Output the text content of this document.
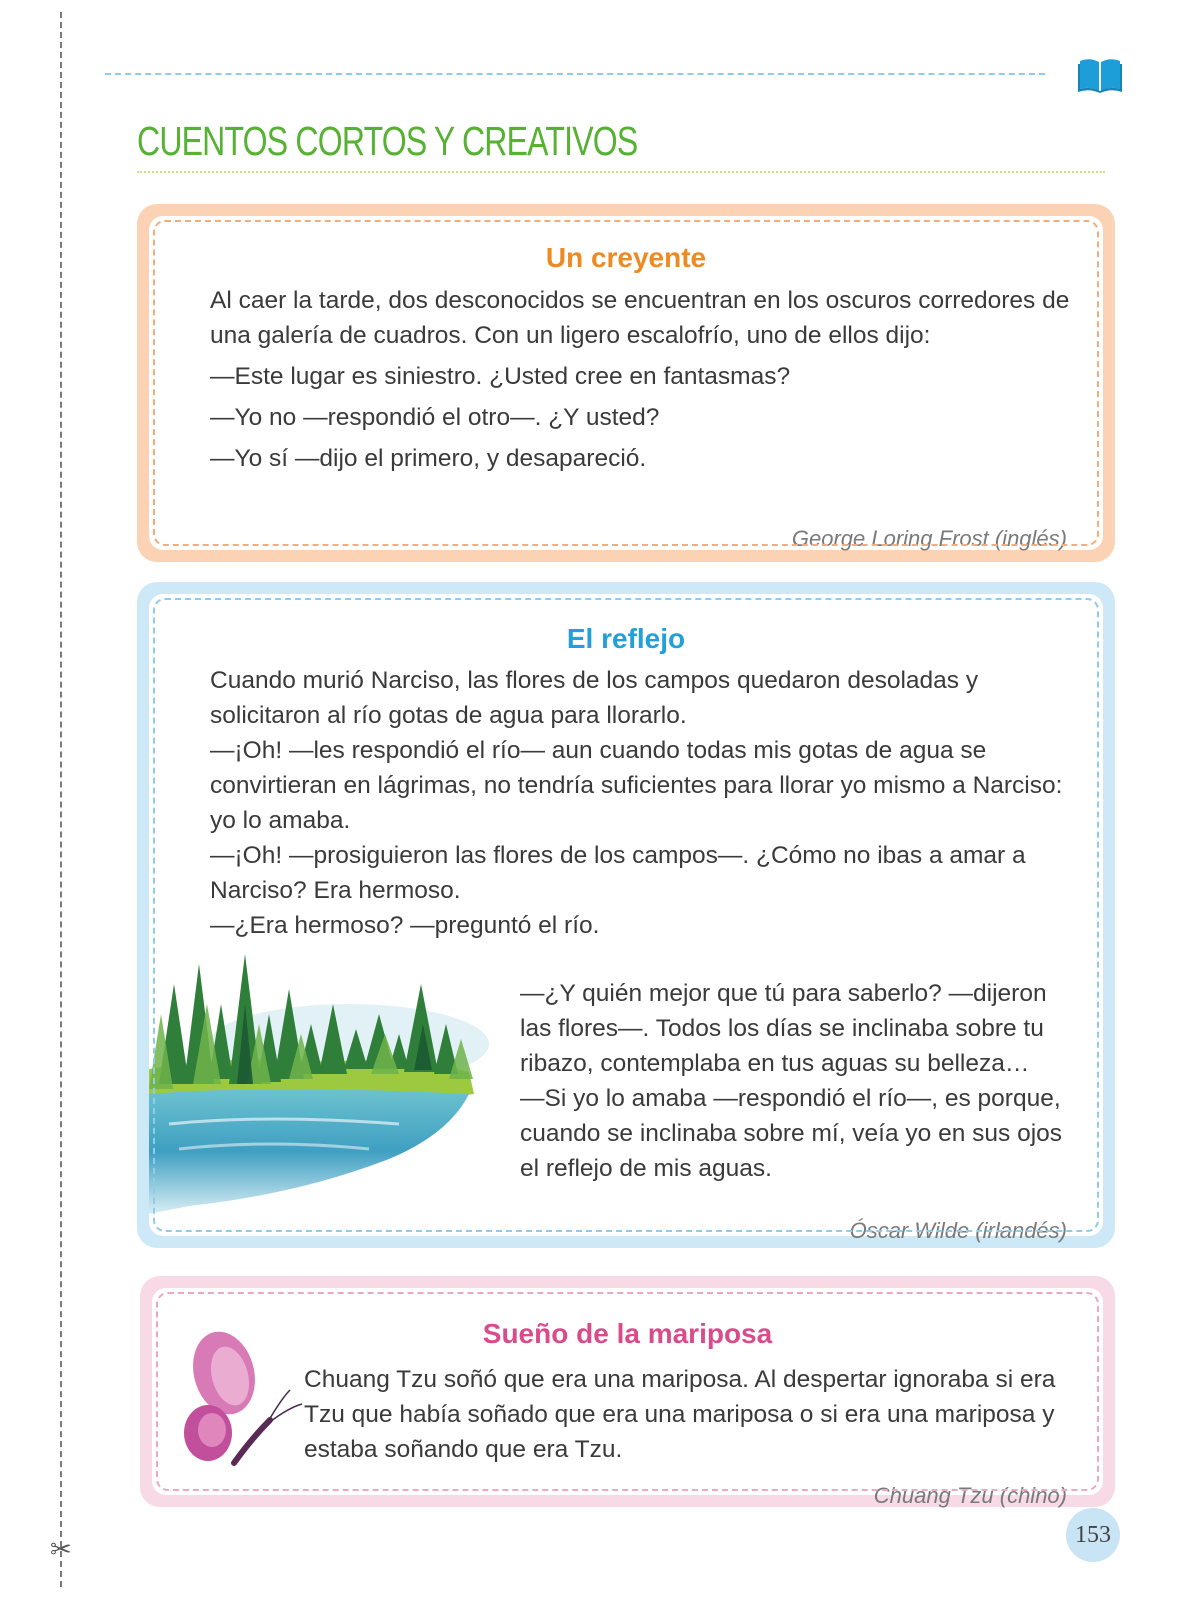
✂
CUENTOS CORTOS Y CREATIVOS
Un creyente

Al caer la tarde, dos desconocidos se encuentran en los oscuros corredores de una galería de cuadros. Con un ligero escalofrío, uno de ellos dijo:

—Este lugar es siniestro. ¿Usted cree en fantasmas?

—Yo no —respondió el otro—. ¿Y usted?

—Yo sí —dijo el primero, y desapareció.

George Loring Frost (inglés)

El reflejo

Cuando murió Narciso, las flores de los campos quedaron desoladas y solicitaron al río gotas de agua para llorarlo.

—¡Oh! —les respondió el río— aun cuando todas mis gotas de agua se convirtieran en lágrimas, no tendría suficientes para llorar yo mismo a Narciso: yo lo amaba.

—¡Oh! —prosiguieron las flores de los campos—. ¿Cómo no ibas a amar a Narciso? Era hermoso.

—¿Era hermoso? —preguntó el río.

—¿Y quién mejor que tú para saberlo? —dijeron las flores—. Todos los días se inclinaba sobre tu ribazo, contemplaba en tus aguas su belleza…

—Si yo lo amaba —respondió el río—, es porque, cuando se inclinaba sobre mí, veía yo en sus ojos el reflejo de mis aguas.

Óscar Wilde (irlandés)

Sueño de la mariposa

Chuang Tzu soñó que era una mariposa. Al despertar ignoraba si era Tzu que había soñado que era una mariposa o si era una mariposa y estaba soñando que era Tzu.

Chuang Tzu (chino)

153
